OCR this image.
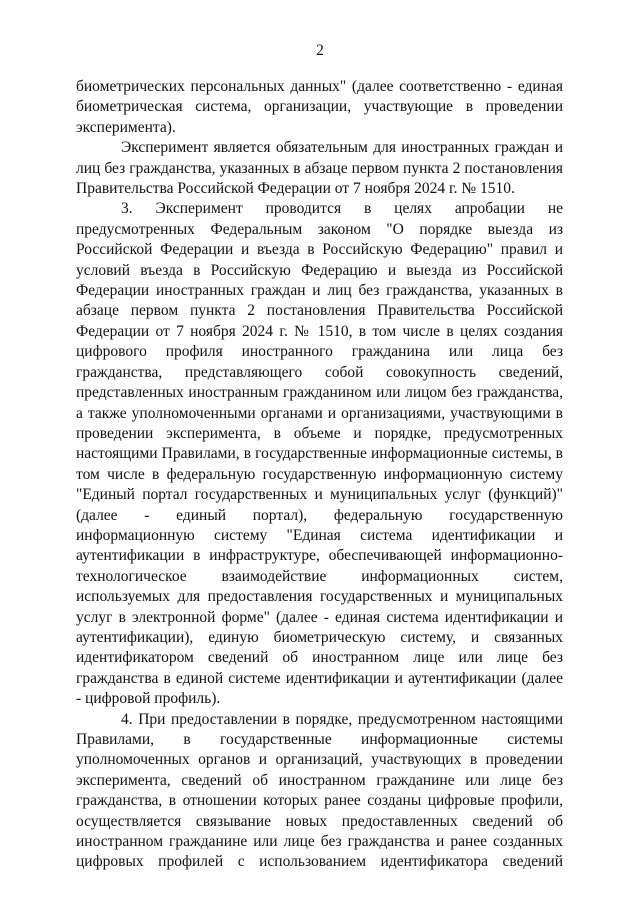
2

биометрических персональных данных" (далее соответственно - единая биометрическая система, организации, участвующие в проведении эксперимента).

Эксперимент является обязательным для иностранных граждан и лиц без гражданства, указанных в абзаце первом пункта 2 постановления Правительства Российской Федерации от 7 ноября 2024 г. № 1510.

3. Эксперимент проводится в целях апробации не предусмотренных Федеральным законом "О порядке выезда из Российской Федерации и въезда в Российскую Федерацию" правил и условий въезда в Российскую Федерацию и выезда из Российской Федерации иностранных граждан и лиц без гражданства, указанных в абзаце первом пункта 2 постановления Правительства Российской Федерации от 7 ноября 2024 г. № 1510, в том числе в целях создания цифрового профиля иностранного гражданина или лица без гражданства, представляющего собой совокупность сведений, представленных иностранным гражданином или лицом без гражданства, а также уполномоченными органами и организациями, участвующими в проведении эксперимента, в объеме и порядке, предусмотренных настоящими Правилами, в государственные информационные системы, в том числе в федеральную государственную информационную систему "Единый портал государственных и муниципальных услуг (функций)" (далее - единый портал), федеральную государственную информационную систему "Единая система идентификации и аутентификации в инфраструктуре, обеспечивающей информационно-технологическое взаимодействие информационных систем, используемых для предоставления государственных и муниципальных услуг в электронной форме" (далее - единая система идентификации и аутентификации), единую биометрическую систему, и связанных идентификатором сведений об иностранном лице или лице без гражданства в единой системе идентификации и аутентификации (далее - цифровой профиль).

4. При предоставлении в порядке, предусмотренном настоящими Правилами, в государственные информационные системы уполномоченных органов и организаций, участвующих в проведении эксперимента, сведений об иностранном гражданине или лице без гражданства, в отношении которых ранее созданы цифровые профили, осуществляется связывание новых предоставленных сведений об иностранном гражданине или лице без гражданства и ранее созданных цифровых профилей с использованием идентификатора сведений
